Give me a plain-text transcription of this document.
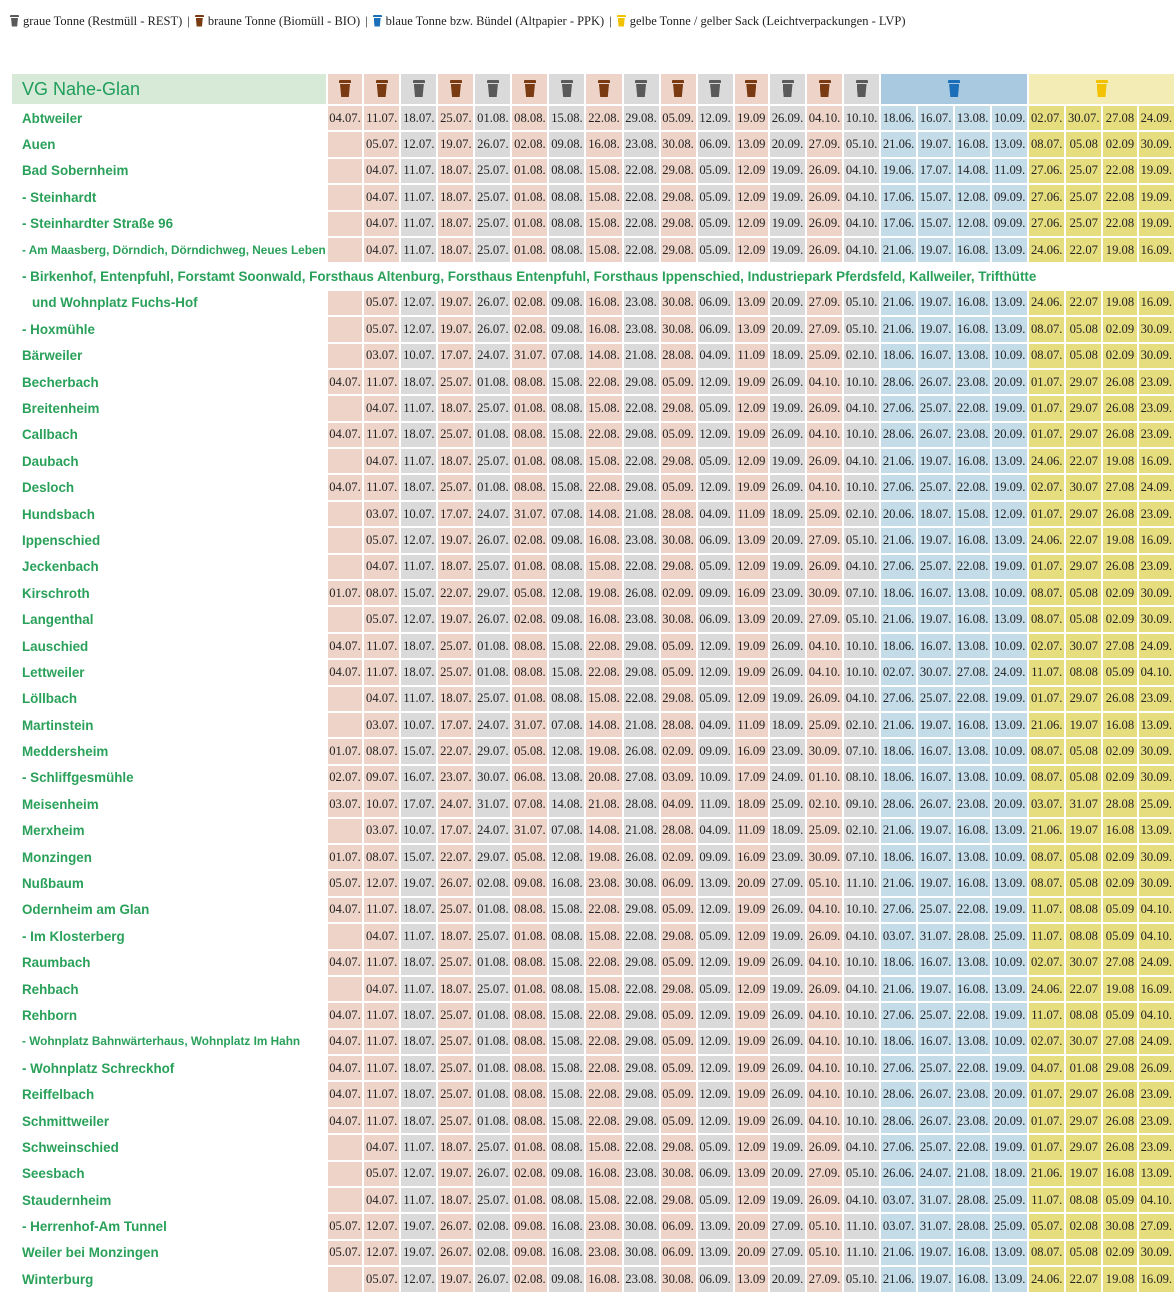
graue Tonne (Restmüll - REST) | braune Tonne (Biomüll - BIO) | blaue Tonne bzw. Bündel (Altpapier - PPK) | gelbe Tonne / gelber Sack (Leichtverpackungen - LVP)
VG Nahe-Glan																							
Abtweiler	04.07.	11.07.	18.07.	25.07.	01.08.	08.08.	15.08.	22.08.	29.08.	05.09.	12.09.	19.09	26.09.	04.10.	10.10.	18.06.	16.07.	13.08.	10.09.	02.07.	30.07.	27.08	24.09.
Auen		05.07.	12.07.	19.07.	26.07.	02.08.	09.08.	16.08.	23.08.	30.08.	06.09.	13.09	20.09.	27.09.	05.10.	21.06.	19.07.	16.08.	13.09.	08.07.	05.08	02.09	30.09.
Bad Sobernheim		04.07.	11.07.	18.07.	25.07.	01.08.	08.08.	15.08.	22.08.	29.08.	05.09.	12.09	19.09.	26.09.	04.10.	19.06.	17.07.	14.08.	11.09.	27.06.	25.07	22.08	19.09.
- Steinhardt		04.07.	11.07.	18.07.	25.07.	01.08.	08.08.	15.08.	22.08.	29.08.	05.09.	12.09	19.09.	26.09.	04.10.	17.06.	15.07.	12.08.	09.09.	27.06.	25.07	22.08	19.09.
- Steinhardter Straße 96		04.07.	11.07.	18.07.	25.07.	01.08.	08.08.	15.08.	22.08.	29.08.	05.09.	12.09	19.09.	26.09.	04.10.	17.06.	15.07.	12.08.	09.09.	27.06.	25.07	22.08	19.09.
- Am Maasberg, Dörndich, Dörndichweg, Neues Leben		04.07.	11.07.	18.07.	25.07.	01.08.	08.08.	15.08.	22.08.	29.08.	05.09.	12.09	19.09.	26.09.	04.10.	21.06.	19.07.	16.08.	13.09.	24.06.	22.07	19.08	16.09.
- Birkenhof, Entenpfuhl, Forstamt Soonwald, Forsthaus Altenburg, Forsthaus Entenpfuhl, Forsthaus Ippenschied, Industriepark Pferdsfeld, Kallweiler, Trifthütte																							
und Wohnplatz Fuchs-Hof		05.07.	12.07.	19.07.	26.07.	02.08.	09.08.	16.08.	23.08.	30.08.	06.09.	13.09	20.09.	27.09.	05.10.	21.06.	19.07.	16.08.	13.09.	24.06.	22.07	19.08	16.09.
- Hoxmühle		05.07.	12.07.	19.07.	26.07.	02.08.	09.08.	16.08.	23.08.	30.08.	06.09.	13.09	20.09.	27.09.	05.10.	21.06.	19.07.	16.08.	13.09.	08.07.	05.08	02.09	30.09.
Bärweiler		03.07.	10.07.	17.07.	24.07.	31.07.	07.08.	14.08.	21.08.	28.08.	04.09.	11.09	18.09.	25.09.	02.10.	18.06.	16.07.	13.08.	10.09.	08.07.	05.08	02.09	30.09.
Becherbach	04.07.	11.07.	18.07.	25.07.	01.08.	08.08.	15.08.	22.08.	29.08.	05.09.	12.09.	19.09	26.09.	04.10.	10.10.	28.06.	26.07.	23.08.	20.09.	01.07.	29.07	26.08	23.09.
Breitenheim		04.07.	11.07.	18.07.	25.07.	01.08.	08.08.	15.08.	22.08.	29.08.	05.09.	12.09	19.09.	26.09.	04.10.	27.06.	25.07.	22.08.	19.09.	01.07.	29.07	26.08	23.09.
Callbach	04.07.	11.07.	18.07.	25.07.	01.08.	08.08.	15.08.	22.08.	29.08.	05.09.	12.09.	19.09	26.09.	04.10.	10.10.	28.06.	26.07.	23.08.	20.09.	01.07.	29.07	26.08	23.09.
Daubach		04.07.	11.07.	18.07.	25.07.	01.08.	08.08.	15.08.	22.08.	29.08.	05.09.	12.09	19.09.	26.09.	04.10.	21.06.	19.07.	16.08.	13.09.	24.06.	22.07	19.08	16.09.
Desloch	04.07.	11.07.	18.07.	25.07.	01.08.	08.08.	15.08.	22.08.	29.08.	05.09.	12.09.	19.09	26.09.	04.10.	10.10.	27.06.	25.07.	22.08.	19.09.	02.07.	30.07	27.08	24.09.
Hundsbach		03.07.	10.07.	17.07.	24.07.	31.07.	07.08.	14.08.	21.08.	28.08.	04.09.	11.09	18.09.	25.09.	02.10.	20.06.	18.07.	15.08.	12.09.	01.07.	29.07	26.08	23.09.
Ippenschied		05.07.	12.07.	19.07.	26.07.	02.08.	09.08.	16.08.	23.08.	30.08.	06.09.	13.09	20.09.	27.09.	05.10.	21.06.	19.07.	16.08.	13.09.	24.06.	22.07	19.08	16.09.
Jeckenbach		04.07.	11.07.	18.07.	25.07.	01.08.	08.08.	15.08.	22.08.	29.08.	05.09.	12.09	19.09.	26.09.	04.10.	27.06.	25.07.	22.08.	19.09.	01.07.	29.07	26.08	23.09.
Kirschroth	01.07.	08.07.	15.07.	22.07.	29.07.	05.08.	12.08.	19.08.	26.08.	02.09.	09.09.	16.09	23.09.	30.09.	07.10.	18.06.	16.07.	13.08.	10.09.	08.07.	05.08	02.09	30.09.
Langenthal		05.07.	12.07.	19.07.	26.07.	02.08.	09.08.	16.08.	23.08.	30.08.	06.09.	13.09	20.09.	27.09.	05.10.	21.06.	19.07.	16.08.	13.09.	08.07.	05.08	02.09	30.09.
Lauschied	04.07.	11.07.	18.07.	25.07.	01.08.	08.08.	15.08.	22.08.	29.08.	05.09.	12.09.	19.09	26.09.	04.10.	10.10.	18.06.	16.07.	13.08.	10.09.	02.07.	30.07	27.08	24.09.
Lettweiler	04.07.	11.07.	18.07.	25.07.	01.08.	08.08.	15.08.	22.08.	29.08.	05.09.	12.09.	19.09	26.09.	04.10.	10.10.	02.07.	30.07.	27.08.	24.09.	11.07.	08.08	05.09	04.10.
Löllbach		04.07.	11.07.	18.07.	25.07.	01.08.	08.08.	15.08.	22.08.	29.08.	05.09.	12.09	19.09.	26.09.	04.10.	27.06.	25.07.	22.08.	19.09.	01.07.	29.07	26.08	23.09.
Martinstein		03.07.	10.07.	17.07.	24.07.	31.07.	07.08.	14.08.	21.08.	28.08.	04.09.	11.09	18.09.	25.09.	02.10.	21.06.	19.07.	16.08.	13.09.	21.06.	19.07	16.08	13.09.
Meddersheim	01.07.	08.07.	15.07.	22.07.	29.07.	05.08.	12.08.	19.08.	26.08.	02.09.	09.09.	16.09	23.09.	30.09.	07.10.	18.06.	16.07.	13.08.	10.09.	08.07.	05.08	02.09	30.09.
- Schliffgesmühle	02.07.	09.07.	16.07.	23.07.	30.07.	06.08.	13.08.	20.08.	27.08.	03.09.	10.09.	17.09	24.09.	01.10.	08.10.	18.06.	16.07.	13.08.	10.09.	08.07.	05.08	02.09	30.09.
Meisenheim	03.07.	10.07.	17.07.	24.07.	31.07.	07.08.	14.08.	21.08.	28.08.	04.09.	11.09.	18.09	25.09.	02.10.	09.10.	28.06.	26.07.	23.08.	20.09.	03.07.	31.07	28.08	25.09.
Merxheim		03.07.	10.07.	17.07.	24.07.	31.07.	07.08.	14.08.	21.08.	28.08.	04.09.	11.09	18.09.	25.09.	02.10.	21.06.	19.07.	16.08.	13.09.	21.06.	19.07	16.08	13.09.
Monzingen	01.07.	08.07.	15.07.	22.07.	29.07.	05.08.	12.08.	19.08.	26.08.	02.09.	09.09.	16.09	23.09.	30.09.	07.10.	18.06.	16.07.	13.08.	10.09.	08.07.	05.08	02.09	30.09.
Nußbaum	05.07.	12.07.	19.07.	26.07.	02.08.	09.08.	16.08.	23.08.	30.08.	06.09.	13.09.	20.09	27.09.	05.10.	11.10.	21.06.	19.07.	16.08.	13.09.	08.07.	05.08	02.09	30.09.
Odernheim am Glan	04.07.	11.07.	18.07.	25.07.	01.08.	08.08.	15.08.	22.08.	29.08.	05.09.	12.09.	19.09	26.09.	04.10.	10.10.	27.06.	25.07.	22.08.	19.09.	11.07.	08.08	05.09	04.10.
- Im Klosterberg		04.07.	11.07.	18.07.	25.07.	01.08.	08.08.	15.08.	22.08.	29.08.	05.09.	12.09	19.09.	26.09.	04.10.	03.07.	31.07.	28.08.	25.09.	11.07.	08.08	05.09	04.10.
Raumbach	04.07.	11.07.	18.07.	25.07.	01.08.	08.08.	15.08.	22.08.	29.08.	05.09.	12.09.	19.09	26.09.	04.10.	10.10.	18.06.	16.07.	13.08.	10.09.	02.07.	30.07	27.08	24.09.
Rehbach		04.07.	11.07.	18.07.	25.07.	01.08.	08.08.	15.08.	22.08.	29.08.	05.09.	12.09	19.09.	26.09.	04.10.	21.06.	19.07.	16.08.	13.09.	24.06.	22.07	19.08	16.09.
Rehborn	04.07.	11.07.	18.07.	25.07.	01.08.	08.08.	15.08.	22.08.	29.08.	05.09.	12.09.	19.09	26.09.	04.10.	10.10.	27.06.	25.07.	22.08.	19.09.	11.07.	08.08	05.09	04.10.
- Wohnplatz Bahnwärterhaus, Wohnplatz Im Hahn	04.07.	11.07.	18.07.	25.07.	01.08.	08.08.	15.08.	22.08.	29.08.	05.09.	12.09.	19.09	26.09.	04.10.	10.10.	18.06.	16.07.	13.08.	10.09.	02.07.	30.07	27.08	24.09.
- Wohnplatz Schreckhof	04.07.	11.07.	18.07.	25.07.	01.08.	08.08.	15.08.	22.08.	29.08.	05.09.	12.09.	19.09	26.09.	04.10.	10.10.	27.06.	25.07.	22.08.	19.09.	04.07.	01.08	29.08	26.09.
Reiffelbach	04.07.	11.07.	18.07.	25.07.	01.08.	08.08.	15.08.	22.08.	29.08.	05.09.	12.09.	19.09	26.09.	04.10.	10.10.	28.06.	26.07.	23.08.	20.09.	01.07.	29.07	26.08	23.09.
Schmittweiler	04.07.	11.07.	18.07.	25.07.	01.08.	08.08.	15.08.	22.08.	29.08.	05.09.	12.09.	19.09	26.09.	04.10.	10.10.	28.06.	26.07.	23.08.	20.09.	01.07.	29.07	26.08	23.09.
Schweinschied		04.07.	11.07.	18.07.	25.07.	01.08.	08.08.	15.08.	22.08.	29.08.	05.09.	12.09	19.09.	26.09.	04.10.	27.06.	25.07.	22.08.	19.09.	01.07.	29.07	26.08	23.09.
Seesbach		05.07.	12.07.	19.07.	26.07.	02.08.	09.08.	16.08.	23.08.	30.08.	06.09.	13.09	20.09.	27.09.	05.10.	26.06.	24.07.	21.08.	18.09.	21.06.	19.07	16.08	13.09.
Staudernheim		04.07.	11.07.	18.07.	25.07.	01.08.	08.08.	15.08.	22.08.	29.08.	05.09.	12.09	19.09.	26.09.	04.10.	03.07.	31.07.	28.08.	25.09.	11.07.	08.08	05.09	04.10.
- Herrenhof-Am Tunnel	05.07.	12.07.	19.07.	26.07.	02.08.	09.08.	16.08.	23.08.	30.08.	06.09.	13.09.	20.09	27.09.	05.10.	11.10.	03.07.	31.07.	28.08.	25.09.	05.07.	02.08	30.08	27.09.
Weiler bei Monzingen	05.07.	12.07.	19.07.	26.07.	02.08.	09.08.	16.08.	23.08.	30.08.	06.09.	13.09.	20.09	27.09.	05.10.	11.10.	21.06.	19.07.	16.08.	13.09.	08.07.	05.08	02.09	30.09.
Winterburg		05.07.	12.07.	19.07.	26.07.	02.08.	09.08.	16.08.	23.08.	30.08.	06.09.	13.09	20.09.	27.09.	05.10.	21.06.	19.07.	16.08.	13.09.	24.06.	22.07	19.08	16.09.
